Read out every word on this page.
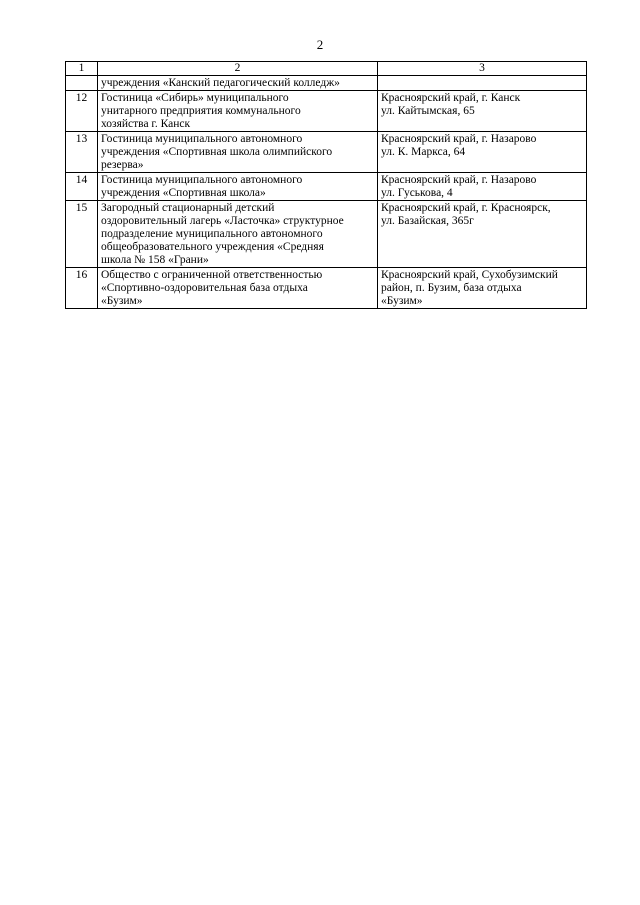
2
1	2	3

	учреждения «Канский педагогический колледж»	

12	Гостиница «Сибирь» муниципального
унитарного предприятия коммунального
хозяйства г. Канск	Красноярский край, г. Канск
ул. Кайтымская, 65

13	Гостиница муниципального автономного
учреждения «Спортивная школа олимпийского
резерва»	Красноярский край, г. Назарово
ул. К. Маркса, 64

14	Гостиница муниципального автономного
учреждения «Спортивная школа»	Красноярский край, г. Назарово
ул. Гуськова, 4

15	Загородный стационарный детский
оздоровительный лагерь «Ласточка» структурное
подразделение муниципального автономного
общеобразовательного учреждения «Средняя
школа № 158 «Грани»	Красноярский край, г. Красноярск,
ул. Базайская, 365г

16	Общество с ограниченной ответственностью
«Спортивно-оздоровительная база отдыха
«Бузим»	Красноярский край, Сухобузимский
район, п. Бузим, база отдыха
«Бузим»
